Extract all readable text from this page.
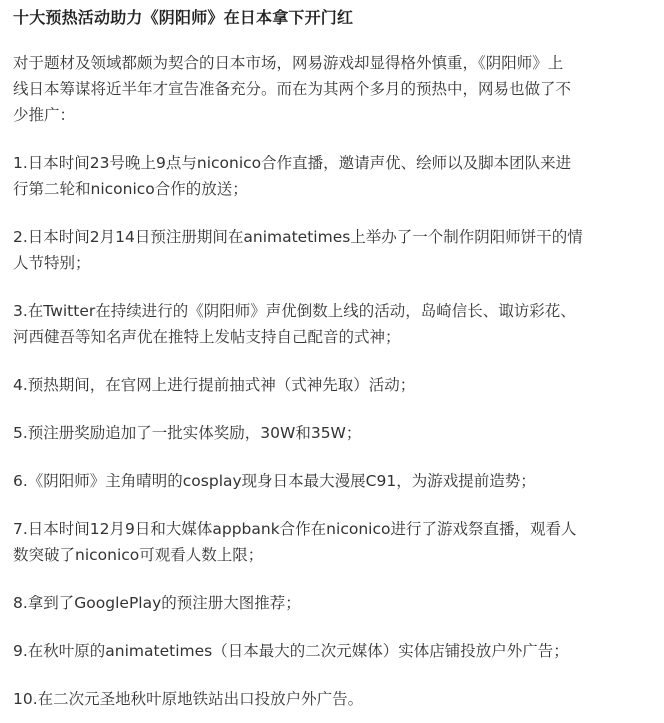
十大预热活动助力《阴阳师》在日本拿下开门红

对于题材及领域都颇为契合的日本市场，网易游戏却显得格外慎重，《阴阳师》上
线日本筹谋将近半年才宣告准备充分。而在为其两个多月的预热中，网易也做了不
少推广：

1.日本时间23号晚上9点与niconico合作直播，邀请声优、绘师以及脚本团队来进
行第二轮和niconico合作的放送；

2.日本时间2月14日预注册期间在animatetimes上举办了一个制作阴阳师饼干的情
人节特别；

3.在Twitter在持续进行的《阴阳师》声优倒数上线的活动，岛崎信长、诹访彩花、
河西健吾等知名声优在推特上发帖支持自己配音的式神；

4.预热期间，在官网上进行提前抽式神（式神先取）活动；

5.预注册奖励追加了一批实体奖励，30W和35W；

6.《阴阳师》主角晴明的cosplay现身日本最大漫展C91，为游戏提前造势；

7.日本时间12月9日和大媒体appbank合作在niconico进行了游戏祭直播，观看人
数突破了niconico可观看人数上限；

8.拿到了GooglePlay的预注册大图推荐；

9.在秋叶原的animatetimes（日本最大的二次元媒体）实体店铺投放户外广告；

10.在二次元圣地秋叶原地铁站出口投放户外广告。
